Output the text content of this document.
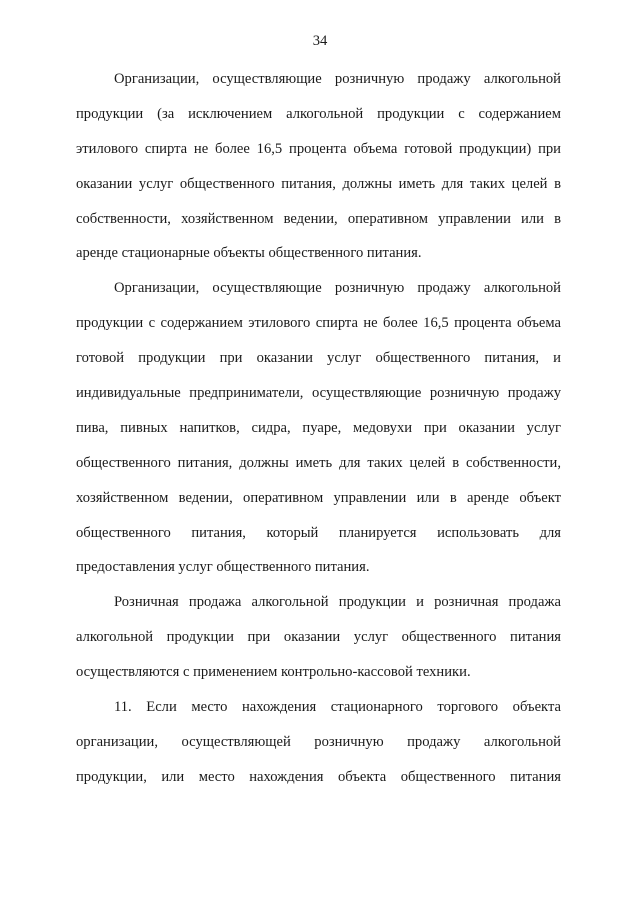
34
Организации, осуществляющие розничную продажу алкогольной
продукции (за исключением алкогольной продукции с содержанием
этилового спирта не более 16,5 процента объема готовой продукции) при
оказании услуг общественного питания, должны иметь для таких целей в
собственности, хозяйственном ведении, оперативном управлении или в
аренде стационарные объекты общественного питания.
Организации, осуществляющие розничную продажу алкогольной
продукции с содержанием этилового спирта не более 16,5 процента объема
готовой продукции при оказании услуг общественного питания, и
индивидуальные предприниматели, осуществляющие розничную продажу
пива, пивных напитков, сидра, пуаре, медовухи при оказании услуг
общественного питания, должны иметь для таких целей в собственности,
хозяйственном ведении, оперативном управлении или в аренде объект
общественного питания, который планируется использовать для
предоставления услуг общественного питания.
Розничная продажа алкогольной продукции и розничная продажа
алкогольной продукции при оказании услуг общественного питания
осуществляются с применением контрольно-кассовой техники.
11. Если место нахождения стационарного торгового объекта
организации, осуществляющей розничную продажу алкогольной
продукции, или место нахождения объекта общественного питания
